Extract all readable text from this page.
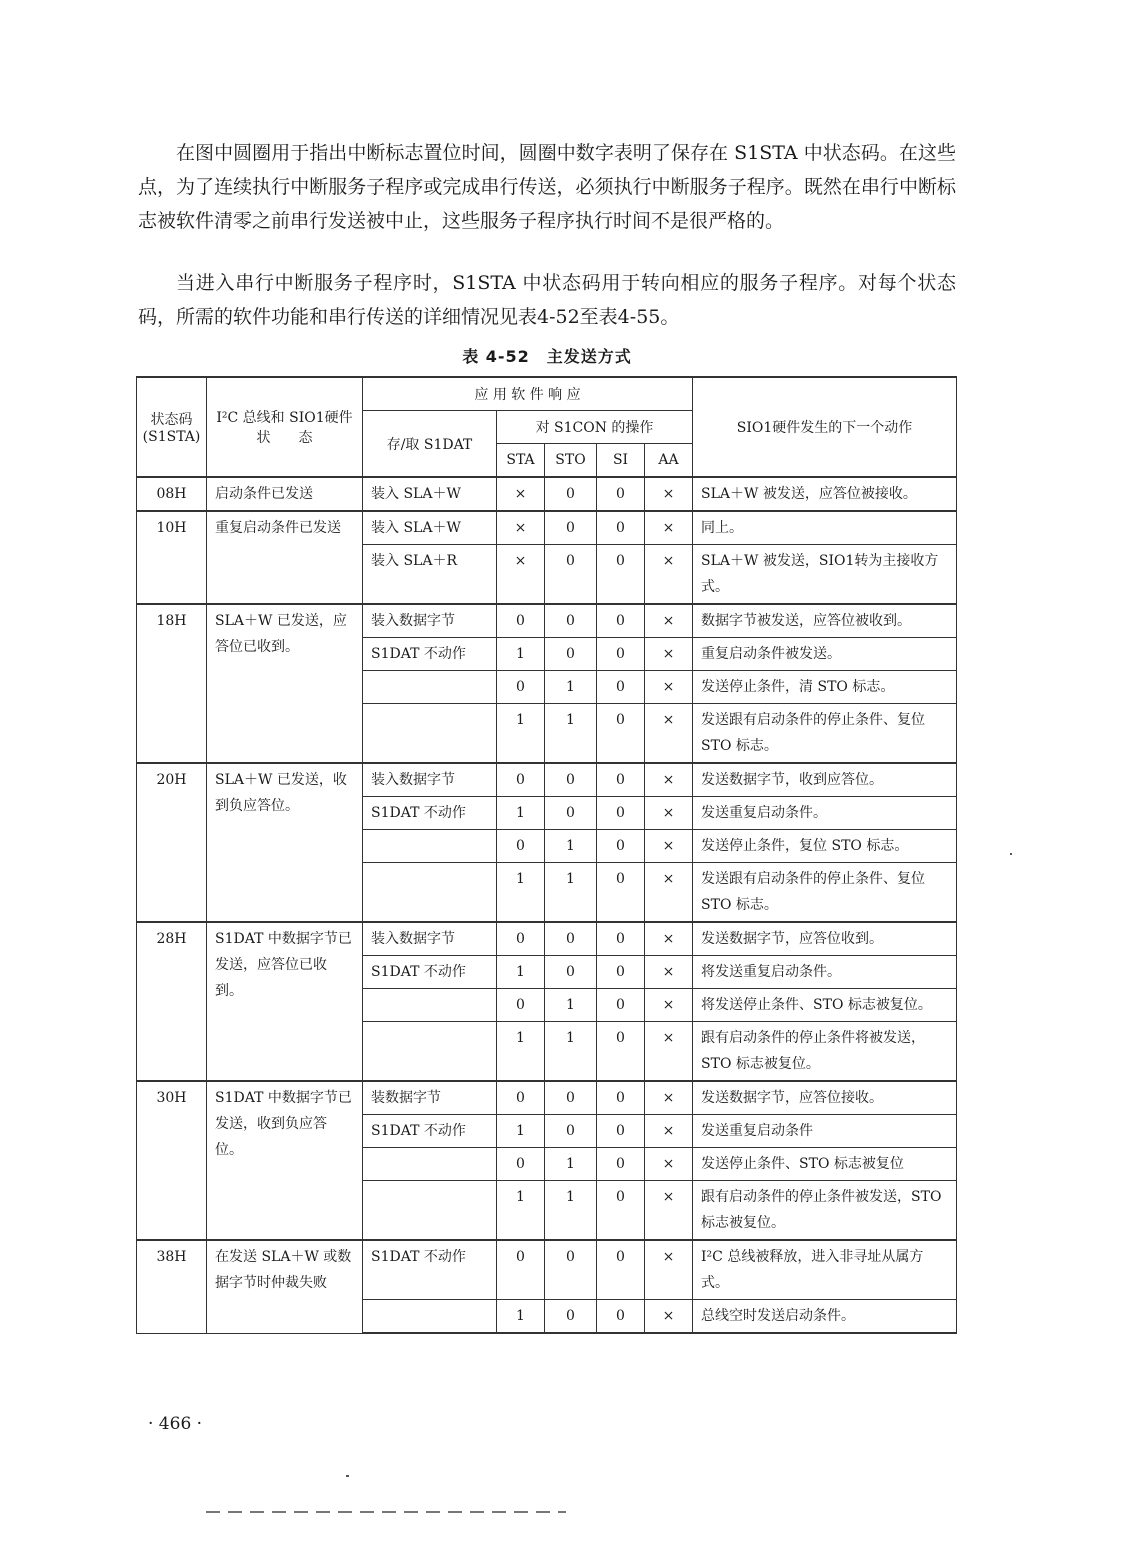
在图中圆圈用于指出中断标志置位时间，圆圈中数字表明了保存在 S1STA 中状态码。在这些点，为了连续执行中断服务子程序或完成串行传送，必须执行中断服务子程序。既然在串行中断标志被软件清零之前串行发送被中止，这些服务子程序执行时间不是很严格的。

当进入串行中断服务子程序时，S1STA 中状态码用于转向相应的服务子程序。对每个状态码，所需的软件功能和串行传送的详细情况见表4-52至表4-55。

表 4-52　主发送方式
状态码 (S1STA)	I²C 总线和 SIO1硬件 状　　态	应 用 软 件 响 应					SIO1硬件发生的下一个动作
		存/取 S1DAT	对 S1CON 的操作				
			STA	STO	SI	AA	
08H	启动条件已发送	装入 SLA＋W	×	0	0	×	SLA＋W 被发送，应答位被接收。
10H	重复启动条件已发送	装入 SLA＋W	×	0	0	×	同上。
		装入 SLA＋R	×	0	0	×	SLA＋W 被发送，SIO1转为主接收方式。
18H	SLA＋W 已发送，应答位已收到。	装入数据字节	0	0	0	×	数据字节被发送，应答位被收到。
		S1DAT 不动作	1	0	0	×	重复启动条件被发送。
			0	1	0	×	发送停止条件，清 STO 标志。
			1	1	0	×	发送跟有启动条件的停止条件、复位 STO 标志。
20H	SLA＋W 已发送，收到负应答位。	装入数据字节	0	0	0	×	发送数据字节，收到应答位。
		S1DAT 不动作	1	0	0	×	发送重复启动条件。
			0	1	0	×	发送停止条件，复位 STO 标志。
			1	1	0	×	发送跟有启动条件的停止条件、复位 STO 标志。
28H	S1DAT 中数据字节已发送，应答位已收到。	装入数据字节	0	0	0	×	发送数据字节，应答位收到。
		S1DAT 不动作	1	0	0	×	将发送重复启动条件。
			0	1	0	×	将发送停止条件、STO 标志被复位。
			1	1	0	×	跟有启动条件的停止条件将被发送，STO 标志被复位。
30H	S1DAT 中数据字节已发送，收到负应答位。	装数据字节	0	0	0	×	发送数据字节，应答位接收。
		S1DAT 不动作	1	0	0	×	发送重复启动条件
			0	1	0	×	发送停止条件、STO 标志被复位
			1	1	0	×	跟有启动条件的停止条件被发送，STO 标志被复位。
38H	在发送 SLA＋W 或数据字节时仲裁失败	S1DAT 不动作	0	0	0	×	I²C 总线被释放，进入非寻址从属方式。
			1	0	0	×	总线空时发送启动条件。
· 466 ·
